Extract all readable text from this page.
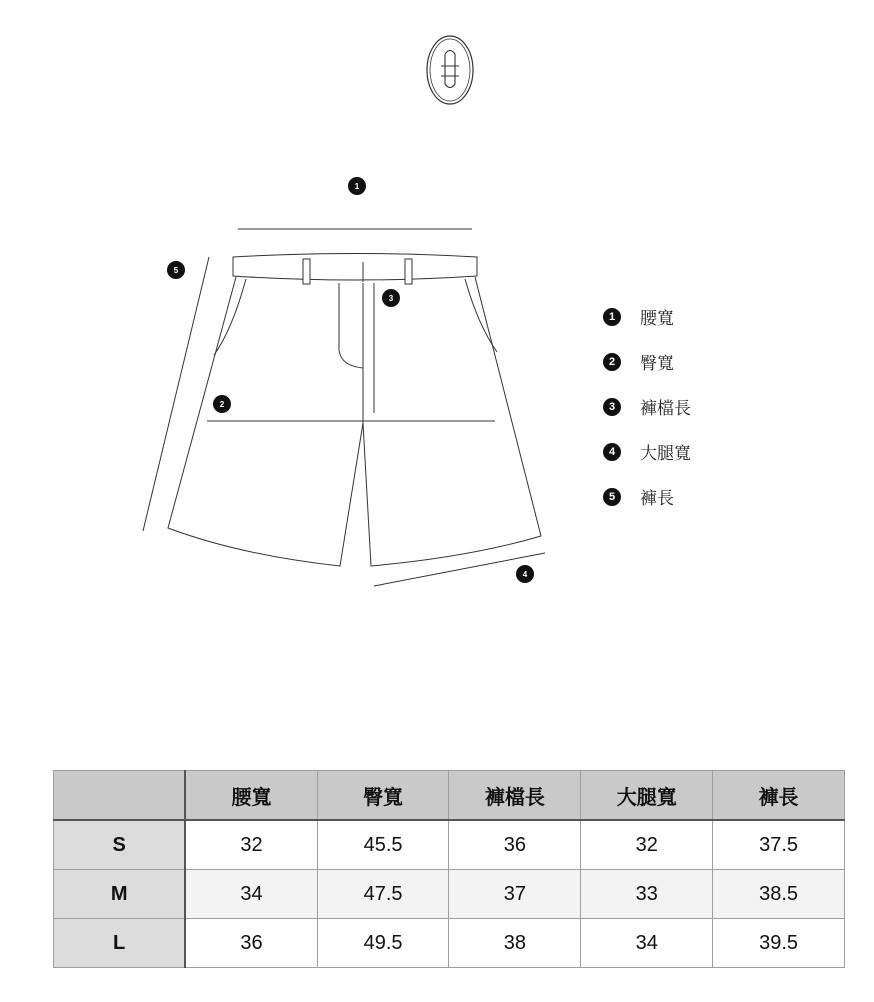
1
2
3
4
5
1	腰寬
2	臀寬
3	褲檔長
4	大腿寬
5	褲長
	腰寬	臀寬	褲檔長	大腿寬	褲長
S	32	45.5	36	32	37.5
M	34	47.5	37	33	38.5
L	36	49.5	38	34	39.5
